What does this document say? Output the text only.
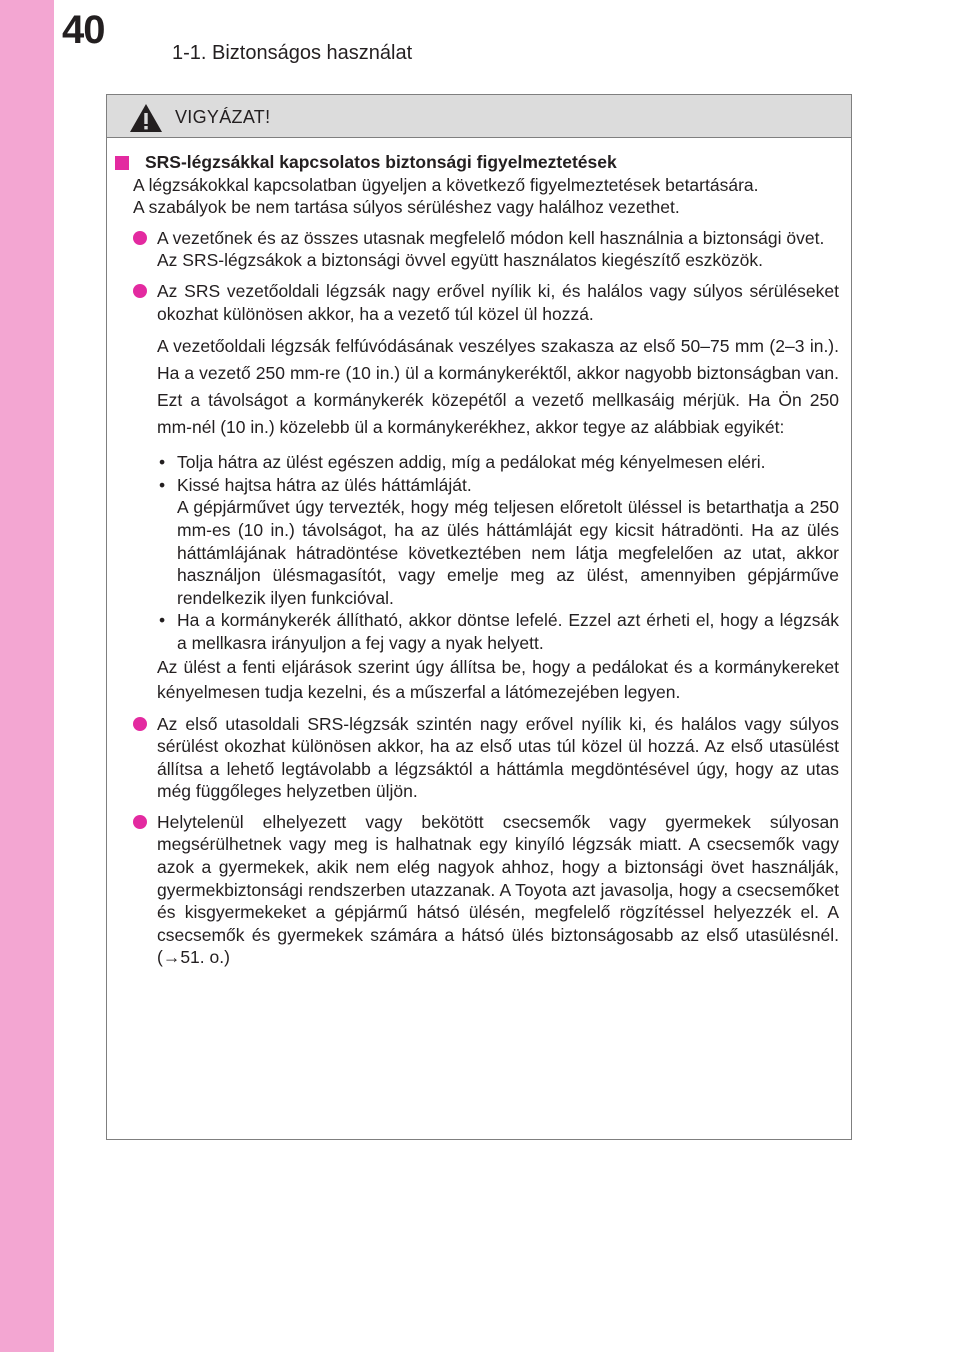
40
1-1. Biztonságos használat
VIGYÁZAT!
SRS-légzsákkal kapcsolatos biztonsági figyelmeztetések

A légzsákokkal kapcsolatban ügyeljen a következő figyelmeztetések betartására.

A szabályok be nem tartása súlyos sérüléshez vagy halálhoz vezethet.

A vezetőnek és az összes utasnak megfelelő módon kell használnia a biztonsági övet.

Az SRS-légzsákok a biztonsági övvel együtt használatos kiegészítő eszközök.

Az SRS vezetőoldali légzsák nagy erővel nyílik ki, és halálos vagy súlyos sérüléseket okozhat különösen akkor, ha a vezető túl közel ül hozzá.

A vezetőoldali légzsák felfúvódásának veszélyes szakasza az első 50–75 mm (2–3 in.). Ha a vezető 250 mm-re (10 in.) ül a kormánykeréktől, akkor nagyobb biztonságban van. Ezt a távolságot a kormánykerék közepétől a vezető mellkasáig mérjük. Ha Ön 250 mm-nél (10 in.) közelebb ül a kormánykerékhez, akkor tegye az alábbiak egyikét:

• Tolja hátra az ülést egészen addig, míg a pedálokat még kényelmesen eléri.

• Kissé hajtsa hátra az ülés háttámláját.

A gépjárművet úgy tervezték, hogy még teljesen előretolt üléssel is betarthatja a 250 mm-es (10 in.) távolságot, ha az ülés háttámláját egy kicsit hátradönti. Ha az ülés háttámlájának hátradöntése következtében nem látja megfelelően az utat, akkor használjon ülésmagasítót, vagy emelje meg az ülést, amennyiben gépjárműve rendelkezik ilyen funkcióval.

• Ha a kormánykerék állítható, akkor döntse lefelé. Ezzel azt érheti el, hogy a légzsák a mellkasra irányuljon a fej vagy a nyak helyett.

Az ülést a fenti eljárások szerint úgy állítsa be, hogy a pedálokat és a kormánykereket kényelmesen tudja kezelni, és a műszerfal a látómezejében legyen.

Az első utasoldali SRS-légzsák szintén nagy erővel nyílik ki, és halálos vagy súlyos sérülést okozhat különösen akkor, ha az első utas túl közel ül hozzá. Az első utasülést állítsa a lehető legtávolabb a légzsáktól a háttámla megdöntésével úgy, hogy az utas még függőleges helyzetben üljön.

Helytelenül elhelyezett vagy bekötött csecsemők vagy gyermekek súlyosan megsérülhetnek vagy meg is halhatnak egy kinyíló légzsák miatt. A csecsemők vagy azok a gyermekek, akik nem elég nagyok ahhoz, hogy a biztonsági övet használják, gyermekbiztonsági rendszerben utazzanak. A Toyota azt javasolja, hogy a csecsemőket és kisgyermekeket a gépjármű hátsó ülésén, megfelelő rögzítéssel helyezzék el. A csecsemők és gyermekek számára a hátsó ülés biztonságosabb az első utasülésnél. (→51. o.)
